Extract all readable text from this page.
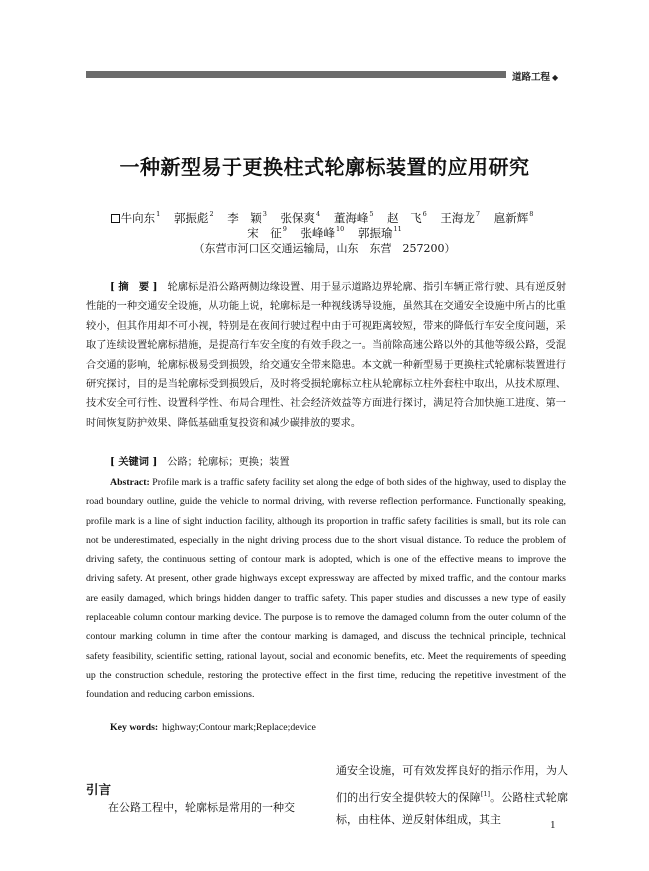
道路工程 ◆
一种新型易于更换柱式轮廓标装置的应用研究
牛向东$^1$ 郭振彪$^2$ 李　颖$^3$ 张保爽$^4$ 董海峰$^5$ 赵　飞$^6$ 王海龙$^7$ 扈新辉$^8$
宋　征$^9$ 张峰峰$^{10}$ 郭振瑜$^{11}$
（东营市河口区交通运输局，山东　东营　257200）

[ 摘　要 ] 轮廓标是沿公路两侧边缘设置、用于显示道路边界轮廓、指引车辆正常行驶、具有逆反射性能的一种交通安全设施，从功能上说，轮廓标是一种视线诱导设施，虽然其在交通安全设施中所占的比重较小，但其作用却不可小视，特别是在夜间行驶过程中由于可视距离较短，带来的降低行车安全度问题，采取了连续设置轮廓标措施，是提高行车安全度的有效手段之一。当前除高速公路以外的其他等级公路，受混合交通的影响，轮廓标极易受到损毁，给交通安全带来隐患。本文就一种新型易于更换柱式轮廓标装置进行研究探讨，目的是当轮廓标受到损毁后，及时将受损轮廓标立柱从轮廓标立柱外套柱中取出，从技术原理、技术安全可行性、设置科学性、布局合理性、社会经济效益等方面进行探讨，满足符合加快施工进度、第一时间恢复防护效果、降低基础重复投资和减少碳排放的要求。

[ 关键词 ] 公路；轮廓标；更换；装置

Abstract: Profile mark is a traffic safety facility set along the edge of both sides of the highway, used to display the road boundary outline, guide the vehicle to normal driving, with reverse reflection performance. Functionally speaking, profile mark is a line of sight induction facility, although its proportion in traffic safety facilities is small, but its role can not be underestimated, especially in the night driving process due to the short visual distance. To reduce the problem of driving safety, the continuous setting of contour mark is adopted, which is one of the effective means to improve the driving safety. At present, other grade highways except expressway are affected by mixed traffic, and the contour marks are easily damaged, which brings hidden danger to traffic safety. This paper studies and discusses a new type of easily replaceable column contour marking device. The purpose is to remove the damaged column from the outer column of the contour marking column in time after the contour marking is damaged, and discuss the technical principle, technical safety feasibility, scientific setting, rational layout, social and economic benefits, etc. Meet the requirements of speeding up the construction schedule, restoring the protective effect in the first time, reducing the repetitive investment of the foundation and reducing carbon emissions.

Key words: highway;Contour mark;Replace;device
引言
在公路工程中，轮廓标是常用的一种交
通安全设施，可有效发挥良好的指示作用，为人们的出行安全提供较大的保障[1]。公路柱式轮廓标，由柱体、逆反射体组成，其主	1
